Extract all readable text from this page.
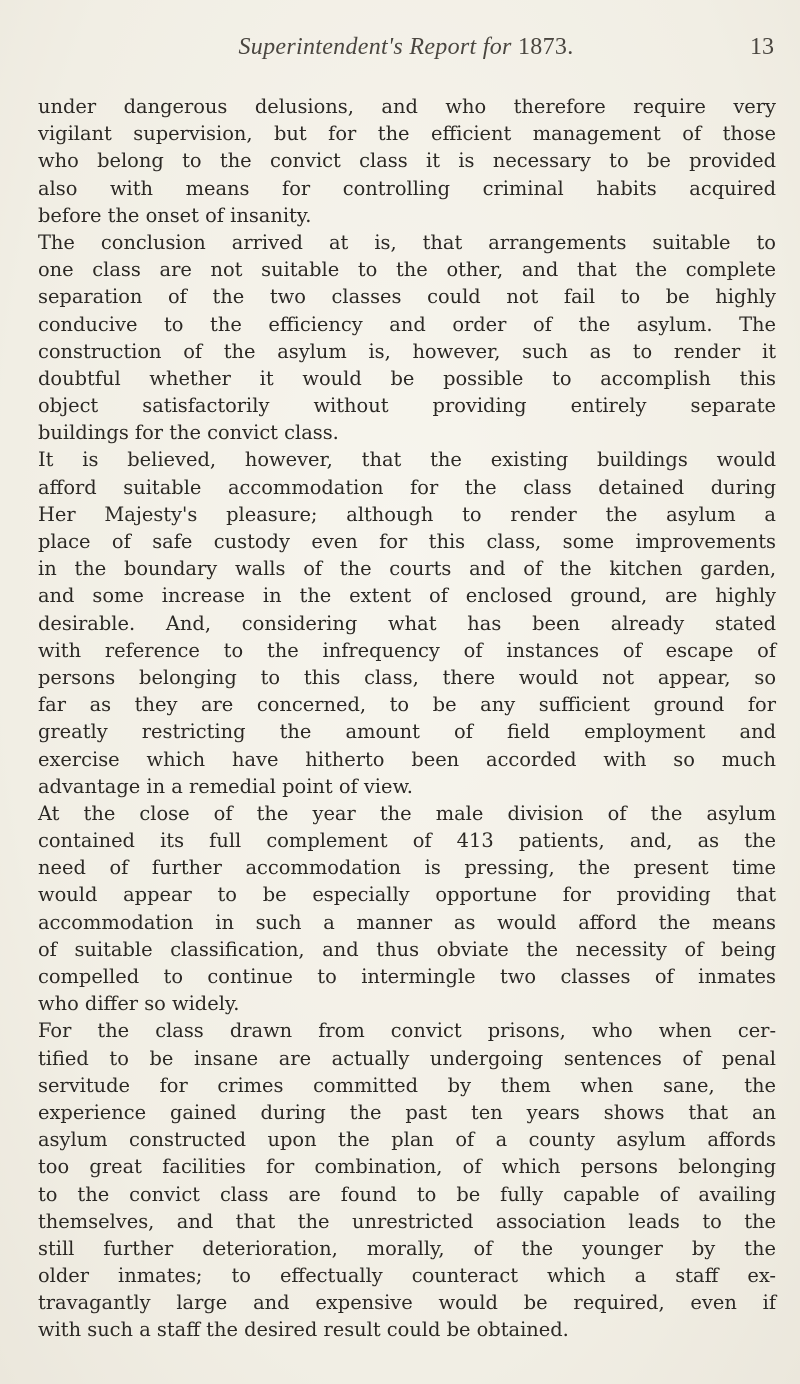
Superintendent's Report for 1873.	13
under dangerous delusions, and who therefore require very
vigilant supervision, but for the efficient management of those
who belong to the convict class it is necessary to be provided
also with means for controlling criminal habits acquired
before the onset of insanity.
The conclusion arrived at is, that arrangements suitable to
one class are not suitable to the other, and that the complete
separation of the two classes could not fail to be highly
conducive to the efficiency and order of the asylum. The
construction of the asylum is, however, such as to render it
doubtful whether it would be possible to accomplish this
object satisfactorily without providing entirely separate
buildings for the convict class.
It is believed, however, that the existing buildings would
afford suitable accommodation for the class detained during
Her Majesty's pleasure; although to render the asylum a
place of safe custody even for this class, some improvements
in the boundary walls of the courts and of the kitchen garden,
and some increase in the extent of enclosed ground, are highly
desirable. And, considering what has been already stated
with reference to the infrequency of instances of escape of
persons belonging to this class, there would not appear, so
far as they are concerned, to be any sufficient ground for
greatly restricting the amount of field employment and
exercise which have hitherto been accorded with so much
advantage in a remedial point of view.
At the close of the year the male division of the asylum
contained its full complement of 413 patients, and, as the
need of further accommodation is pressing, the present time
would appear to be especially opportune for providing that
accommodation in such a manner as would afford the means
of suitable classification, and thus obviate the necessity of being
compelled to continue to intermingle two classes of inmates
who differ so widely.
For the class drawn from convict prisons, who when cer-
tified to be insane are actually undergoing sentences of penal
servitude for crimes committed by them when sane, the
experience gained during the past ten years shows that an
asylum constructed upon the plan of a county asylum affords
too great facilities for combination, of which persons belonging
to the convict class are found to be fully capable of availing
themselves, and that the unrestricted association leads to the
still further deterioration, morally, of the younger by the
older inmates; to effectually counteract which a staff ex-
travagantly large and expensive would be required, even if
with such a staff the desired result could be obtained.
